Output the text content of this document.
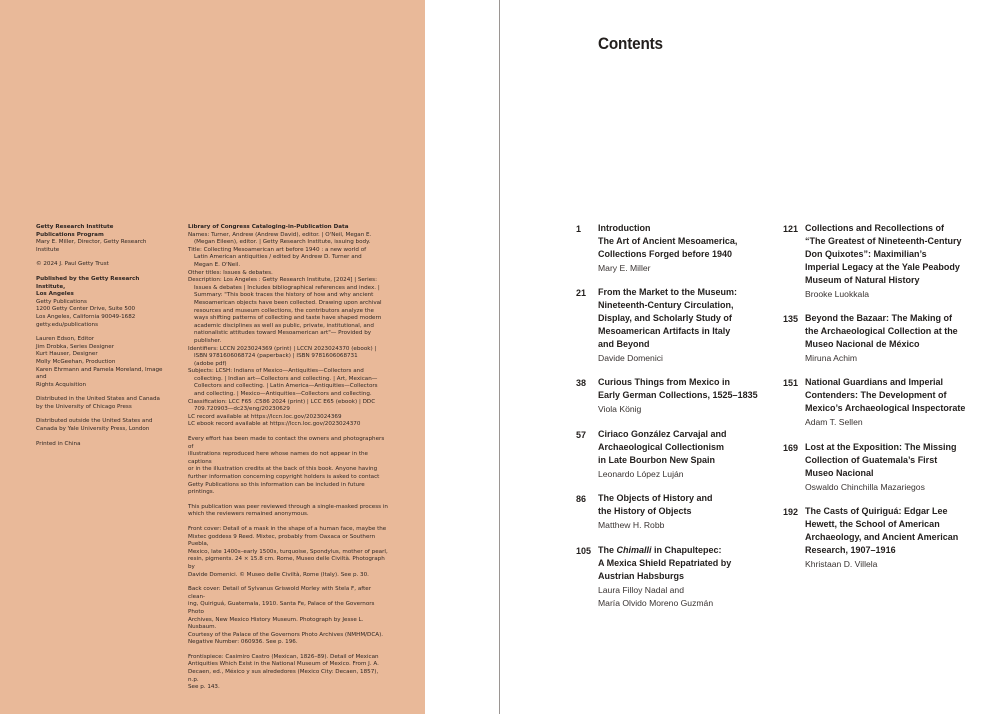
Getty Research Institute
Publications Program
Mary E. Miller, Director, Getty Research Institute

© 2024 J. Paul Getty Trust

Published by the Getty Research Institute,
Los Angeles
Getty Publications
1200 Getty Center Drive, Suite 500
Los Angeles, California 90049-1682
getty.edu/publications

Lauren Edson, Editor
Jim Drobka, Series Designer
Kurt Hauser, Designer
Molly McGeehan, Production
Karen Ehrmann and Pamela Moreland, Image and
Rights Acquisition

Distributed in the United States and Canada
by the University of Chicago Press

Distributed outside the United States and
Canada by Yale University Press, London

Printed in China

Library of Congress Cataloging-in-Publication Data
Names: Turner, Andrew (Andrew David), editor. | O'Neil, Megan E.
(Megan Eileen), editor. | Getty Research Institute, issuing body.
Title: Collecting Mesoamerican art before 1940 : a new world of
Latin American antiquities / edited by Andrew D. Turner and
Megan E. O'Neil.
Other titles: Issues & debates.
Description: Los Angeles : Getty Research Institute, [2024] | Series:
Issues & debates | Includes bibliographical references and index. |
Summary: "This book traces the history of how and why ancient
Mesoamerican objects have been collected. Drawing upon archival
resources and museum collections, the contributors analyze the
ways shifting patterns of collecting and taste have shaped modern
academic disciplines as well as public, private, institutional, and
nationalistic attitudes toward Mesoamerican art"— Provided by
publisher.
Identifiers: LCCN 2023024369 (print) | LCCN 2023024370 (ebook) |
ISBN 9781606068724 (paperback) | ISBN 9781606068731
(adobe pdf)
Subjects: LCSH: Indians of Mexico—Antiquities—Collectors and
collecting. | Indian art—Collectors and collecting. | Art, Mexican—
Collectors and collecting. | Latin America—Antiquities—Collectors
and collecting. | Mexico—Antiquities—Collectors and collecting.
Classification: LCC F65 .C586 2024 (print) | LCC E65 (ebook) | DDC
709.720903—dc23/eng/20230629
LC record available at https://lccn.loc.gov/2023024369
LC ebook record available at https://lccn.loc.gov/2023024370

Every effort has been made to contact the owners and photographers of
illustrations reproduced here whose names do not appear in the captions
or in the illustration credits at the back of this book. Anyone having
further information concerning copyright holders is asked to contact
Getty Publications so this information can be included in future printings.

This publication was peer reviewed through a single-masked process in
which the reviewers remained anonymous.

Front cover: Detail of a mask in the shape of a human face, maybe the
Mixtec goddess 9 Reed. Mixtec, probably from Oaxaca or Southern Puebla,
Mexico, late 1400s–early 1500s, turquoise, Spondylus, mother of pearl,
resin, pigments. 24 × 15.8 cm. Rome, Museo delle Civiltà. Photograph by
Davide Domenici. © Museo delle Civiltà, Rome (Italy). See p. 30.

Back cover: Detail of Sylvanus Griswold Morley with Stela F, after clean-
ing, Quiriguá, Guatemala, 1910. Santa Fe, Palace of the Governors Photo
Archives, New Mexico History Museum. Photograph by Jesse L. Nusbaum.
Courtesy of the Palace of the Governors Photo Archives (NMHM/DCA).
Negative Number: 060936. See p. 196.

Frontispiece: Casimiro Castro (Mexican, 1826–89). Detail of Mexican
Antiquities Which Exist in the National Museum of Mexico. From J. A.
Decaen, ed., México y sus alrededores (Mexico City: Decaen, 1857), n.p.
See p. 143.

Contents
1 Introduction
The Art of Ancient Mesoamerica,
Collections Forged before 1940
Mary E. Miller
21 From the Market to the Museum:
Nineteenth-Century Circulation,
Display, and Scholarly Study of
Mesoamerican Artifacts in Italy
and Beyond
Davide Domenici
38 Curious Things from Mexico in
Early German Collections, 1525–1835
Viola König
57 Ciriaco González Carvajal and
Archaeological Collectionism
in Late Bourbon New Spain
Leonardo López Luján
86 The Objects of History and
the History of Objects
Matthew H. Robb
105 The Chimalli in Chapultepec:
A Mexica Shield Repatriated by
Austrian Habsburgs
Laura Filloy Nadal and
María Olvido Moreno Guzmán
121 Collections and Recollections of
“The Greatest of Nineteenth-Century
Don Quixotes”: Maximilian’s
Imperial Legacy at the Yale Peabody
Museum of Natural History
Brooke Luokkala
135 Beyond the Bazaar: The Making of
the Archaeological Collection at the
Museo Nacional de México
Miruna Achim
151 National Guardians and Imperial
Contenders: The Development of
Mexico’s Archaeological Inspectorate
Adam T. Sellen
169 Lost at the Exposition: The Missing
Collection of Guatemala’s First
Museo Nacional
Oswaldo Chinchilla Mazariegos
192 The Casts of Quiriguá: Edgar Lee
Hewett, the School of American
Archaeology, and Ancient American
Research, 1907–1916
Khristaan D. Villela
